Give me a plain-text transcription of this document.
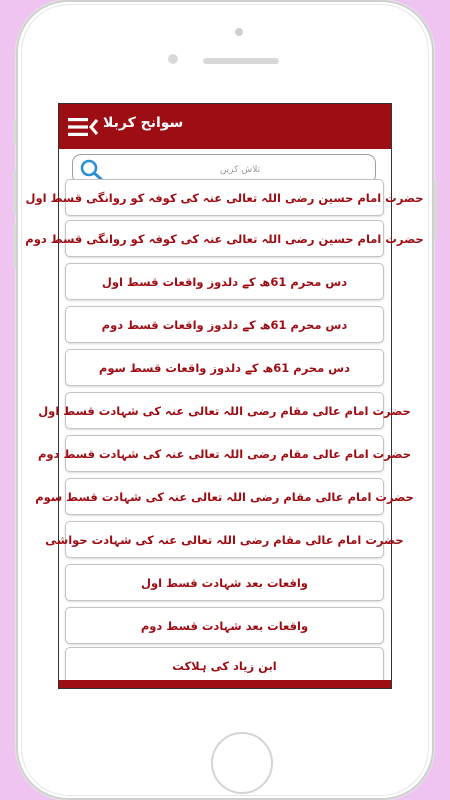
سوانح کربلا
تلاش کریں
حضرت امام حسین رضی اللہ تعالی عنہ کی کوفہ کو روانگی قسط اول
حضرت امام حسین رضی اللہ تعالی عنہ کی کوفہ کو روانگی قسط دوم
دس محرم 61ھ کے دلدوز واقعات قسط اول
دس محرم 61ھ کے دلدوز واقعات قسط دوم
دس محرم 61ھ کے دلدوز واقعات قسط سوم
حضرت امام عالی مقام رضی اللہ تعالی عنہ کی شہادت قسط اول
حضرت امام عالی مقام رضی اللہ تعالی عنہ کی شہادت قسط دوم
حضرت امام عالی مقام رضی اللہ تعالی عنہ کی شہادت قسط سوم
حضرت امام عالی مقام رضی اللہ تعالی عنہ کی شہادت حواشی
واقعات بعد شہادت قسط اول
واقعات بعد شہادت قسط دوم
ابن زیاد کی ہلاکت
